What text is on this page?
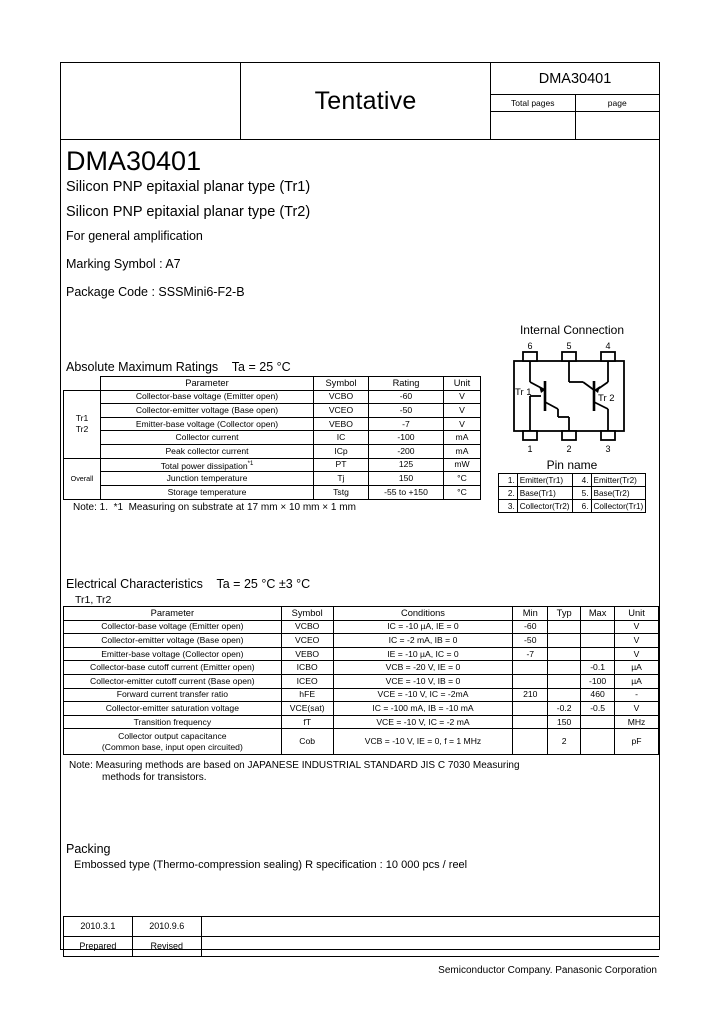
Tentative
DMA30401
Total pages	page
DMA30401
Silicon PNP epitaxial planar type (Tr1)
Silicon PNP epitaxial planar type (Tr2)
For general amplification
Marking Symbol : A7
Package Code : SSSMini6-F2-B
Absolute Maximum Ratings    Ta = 25 °C
	Parameter	Symbol	Rating	Unit
Tr1
Tr2	Collector-base voltage (Emitter open)	VCBO	-60	V
	Collector-emitter voltage (Base open)	VCEO	-50	V
	Emitter-base voltage (Collector open)	VEBO	-7	V
	Collector current	IC	-100	mA
	Peak collector current	ICp	-200	mA
Overall	Total power dissipation$^{*1}$	PT	125	mW
	Junction temperature	Tj	150	°C
	Storage temperature	Tstg	-55 to +150	°C
Note: 1.  *1  Measuring on substrate at 17 mm × 10 mm × 1 mm
Internal Connection
6	5	4
1	2	3
Tr 1
Tr 2
Pin name
1.	Emitter(Tr1)	4.	Emitter(Tr2)
2.	Base(Tr1)	5.	Base(Tr2)
3.	Collector(Tr2)	6.	Collector(Tr1)
Electrical Characteristics    Ta = 25 °C ±3 °C
Tr1, Tr2
Parameter	Symbol	Conditions	Min	Typ	Max	Unit
Collector-base voltage (Emitter open)	VCBO	IC = -10 µA, IE = 0	-60			V
Collector-emitter voltage (Base open)	VCEO	IC = -2 mA, IB = 0	-50			V
Emitter-base voltage (Collector open)	VEBO	IE = -10 µA, IC = 0	-7			V
Collector-base cutoff current (Emitter open)	ICBO	VCB = -20 V, IE = 0			-0.1	µA
Collector-emitter cutoff current (Base open)	ICEO	VCE = -10 V, IB = 0			-100	µA
Forward current transfer ratio	hFE	VCE = -10 V, IC = -2mA	210		460	-
Collector-emitter saturation voltage	VCE(sat)	IC = -100 mA, IB = -10 mA		-0.2	-0.5	V
Transition frequency	fT	VCE = -10 V, IC = -2 mA		150		MHz
Collector output capacitance
(Common base, input open circuited)	Cob	VCB = -10 V, IE = 0, f = 1 MHz		2		pF
Note: Measuring methods are based on JAPANESE INDUSTRIAL STANDARD JIS C 7030 Measuring
methods for transistors.
Packing
Embossed type (Thermo-compression sealing) R specification : 10 000 pcs / reel
2010.3.1	2010.9.6	
Prepared	Revised	
Semiconductor Company. Panasonic Corporation
